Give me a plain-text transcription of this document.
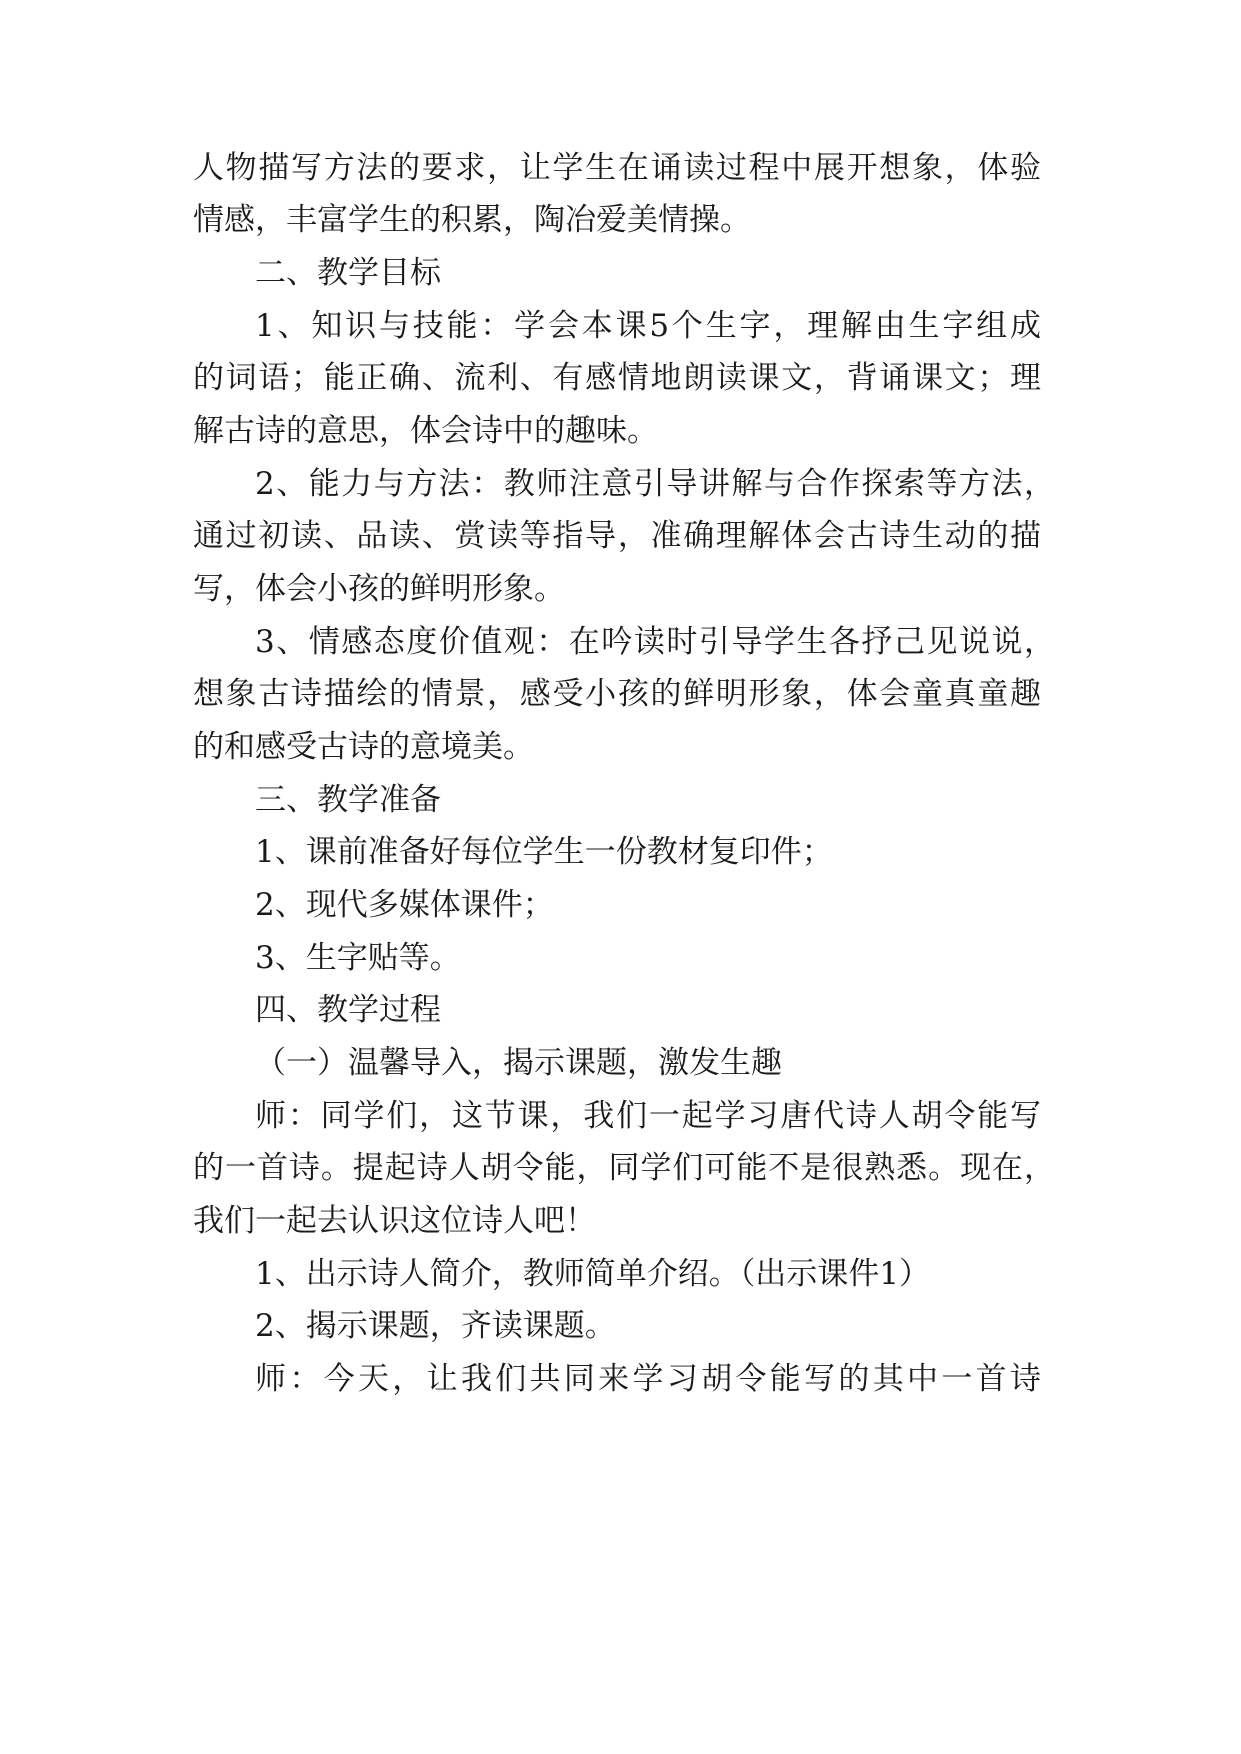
人物描写方法的要求，让学生在诵读过程中展开想象，体验
情感，丰富学生的积累，陶冶爱美情操。
二、教学目标
1、知识与技能：学会本课5个生字，理解由生字组成
的词语；能正确、流利、有感情地朗读课文，背诵课文；理
解古诗的意思，体会诗中的趣味。
2、能力与方法：教师注意引导讲解与合作探索等方法，
通过初读、品读、赏读等指导，准确理解体会古诗生动的描
写，体会小孩的鲜明形象。
3、情感态度价值观：在吟读时引导学生各抒己见说说，
想象古诗描绘的情景，感受小孩的鲜明形象，体会童真童趣
的和感受古诗的意境美。
三、教学准备
1、课前准备好每位学生一份教材复印件；
2、现代多媒体课件；
3、生字贴等。
四、教学过程
（一）温馨导入，揭示课题，激发生趣
师：同学们，这节课，我们一起学习唐代诗人胡令能写
的一首诗。提起诗人胡令能，同学们可能不是很熟悉。现在，
我们一起去认识这位诗人吧！
1、出示诗人简介，教师简单介绍。（出示课件1）
2、揭示课题，齐读课题。
师：今天，让我们共同来学习胡令能写的其中一首诗
